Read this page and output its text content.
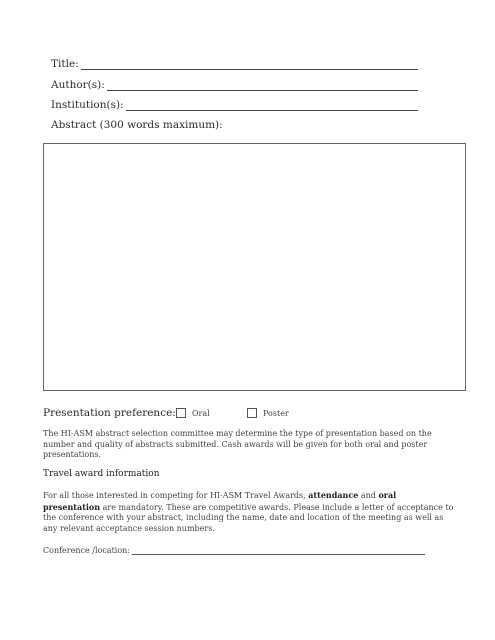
Title:
Author(s):
Institution(s):
Abstract (300 words maximum):
Presentation preference: Oral	Poster
The HI-ASM abstract selection committee may determine the type of presentation based on the number and quality of abstracts submitted. Cash awards will be given for both oral and poster presentations.
Travel award information
For all those interested in competing for HI-ASM Travel Awards, attendance and oral presentation are mandatory. These are competitive awards. Please include a letter of acceptance to the conference with your abstract, including the name, date and location of the meeting as well as any relevant acceptance session numbers.
Conference /location:
